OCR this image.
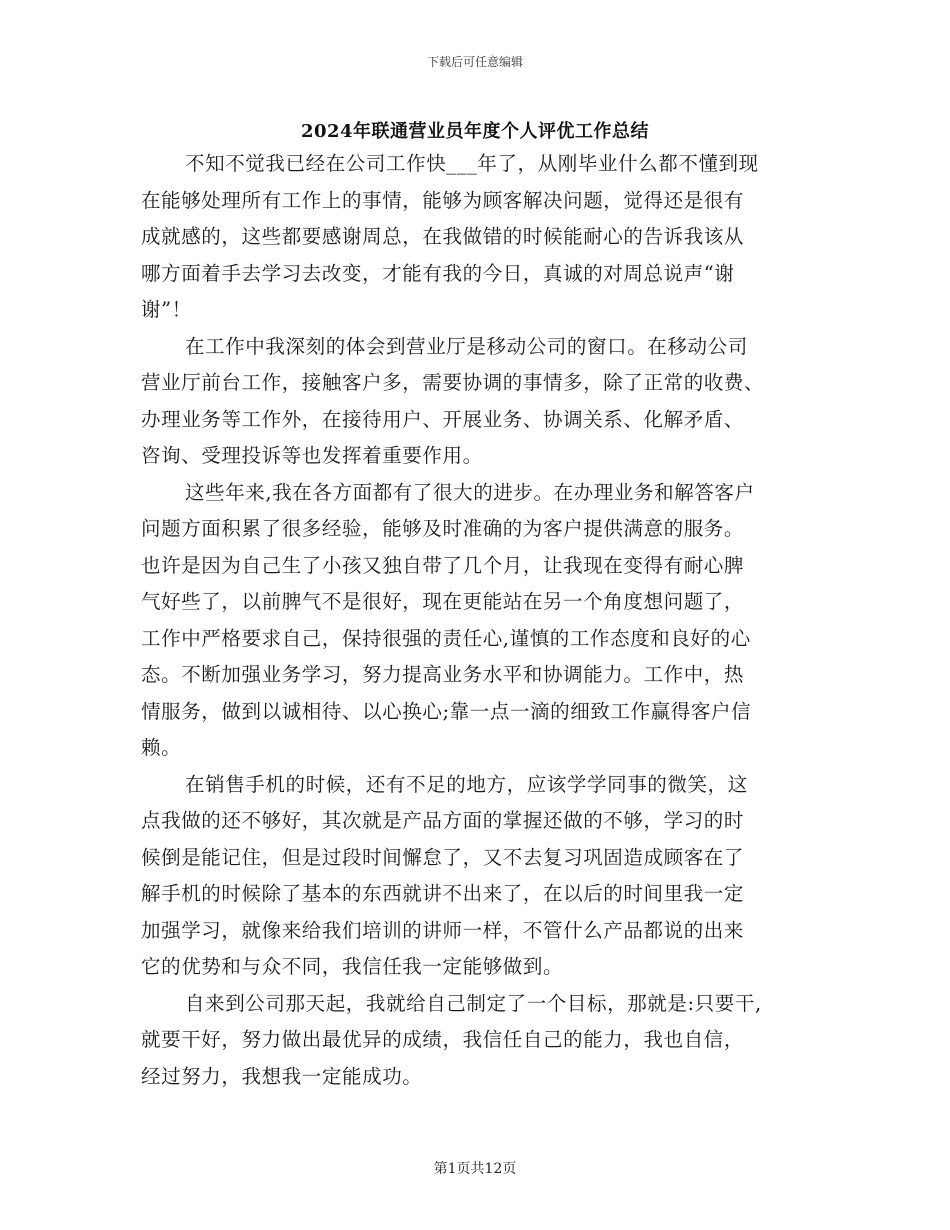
下载后可任意编辑
2024年联通营业员年度个人评优工作总结
不知不觉我已经在公司工作快___年了，从刚毕业什么都不懂到现
在能够处理所有工作上的事情，能够为顾客解决问题，觉得还是很有
成就感的，这些都要感谢周总，在我做错的时候能耐心的告诉我该从
哪方面着手去学习去改变，才能有我的今日，真诚的对周总说声“谢
谢”！
在工作中我深刻的体会到营业厅是移动公司的窗口。在移动公司
营业厅前台工作，接触客户多，需要协调的事情多，除了正常的收费、
办理业务等工作外，在接待用户、开展业务、协调关系、化解矛盾、
咨询、受理投诉等也发挥着重要作用。
这些年来,我在各方面都有了很大的进步。在办理业务和解答客户
问题方面积累了很多经验，能够及时准确的为客户提供满意的服务。
也许是因为自己生了小孩又独自带了几个月，让我现在变得有耐心脾
气好些了，以前脾气不是很好，现在更能站在另一个角度想问题了，
工作中严格要求自己，保持很强的责任心,谨慎的工作态度和良好的心
态。不断加强业务学习，努力提高业务水平和协调能力。工作中，热
情服务，做到以诚相待、以心换心;靠一点一滴的细致工作赢得客户信
赖。
在销售手机的时候，还有不足的地方，应该学学同事的微笑，这
点我做的还不够好，其次就是产品方面的掌握还做的不够，学习的时
候倒是能记住，但是过段时间懈怠了，又不去复习巩固造成顾客在了
解手机的时候除了基本的东西就讲不出来了，在以后的时间里我一定
加强学习，就像来给我们培训的讲师一样，不管什么产品都说的出来
它的优势和与众不同，我信任我一定能够做到。
自来到公司那天起，我就给自己制定了一个目标，那就是:只要干,
就要干好，努力做出最优异的成绩，我信任自己的能力，我也自信，
经过努力，我想我一定能成功。
第1页共12页
